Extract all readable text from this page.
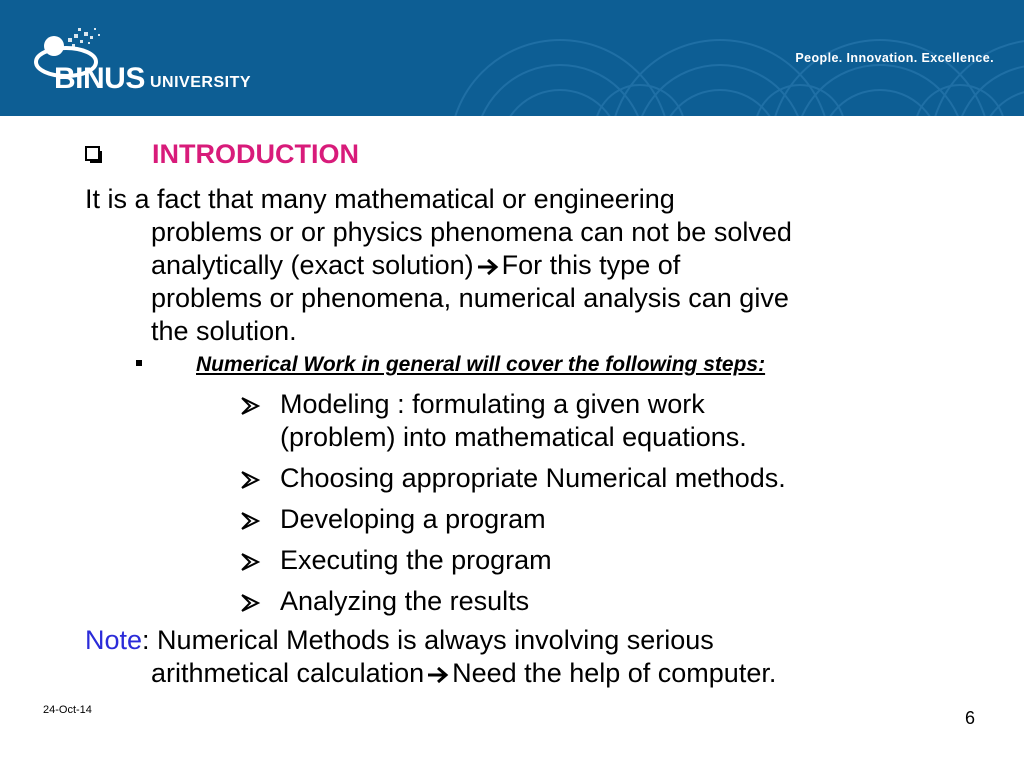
BINUS UNIVERSITY
People. Innovation. Excellence.
INTRODUCTION
It is a fact that many mathematical or engineering
problems or or physics phenomena can not be solved
analytically (exact solution) For this type of
problems or phenomena, numerical analysis can give
the solution.
Numerical Work in general will cover the following steps:
Modeling : formulating a given work
(problem) into mathematical equations.
Choosing appropriate Numerical methods.
Developing a program
Executing the program
Analyzing the results
Note: Numerical Methods is always involving serious
arithmetical calculation Need the help of computer.
24-Oct-14	6
